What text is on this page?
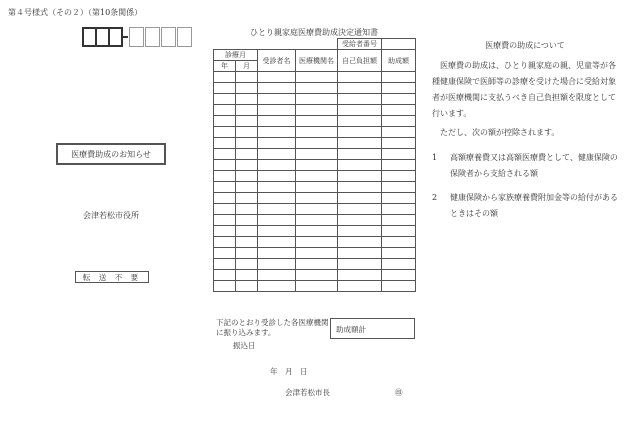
第４号様式（その２）（第10条関係）
医療費助成のお知らせ
会津若松市役所
転 送 不 要
ひとり親家庭医療費助成決定通知書
				受給者番号	
診療月		受診者名	医療機関名	自己負担額	助成額
年	月				

下記のとおり受診した各医療機関に振り込みます。
振込日
助成額計
年　月　日
会津若松市長	㊞
医療費の助成について

医療費の助成は、ひとり親家庭の親、児童等が各種健康保険で医師等の診療を受けた場合に受給対象者が医療機関に支払うべき自己負担額を限度として行います。

ただし、次の額が控除されます。
1	高額療養費又は高額医療費として、健康保険の保険者から支給される額
2	健康保険から家族療養費附加金等の給付があるときはその額
